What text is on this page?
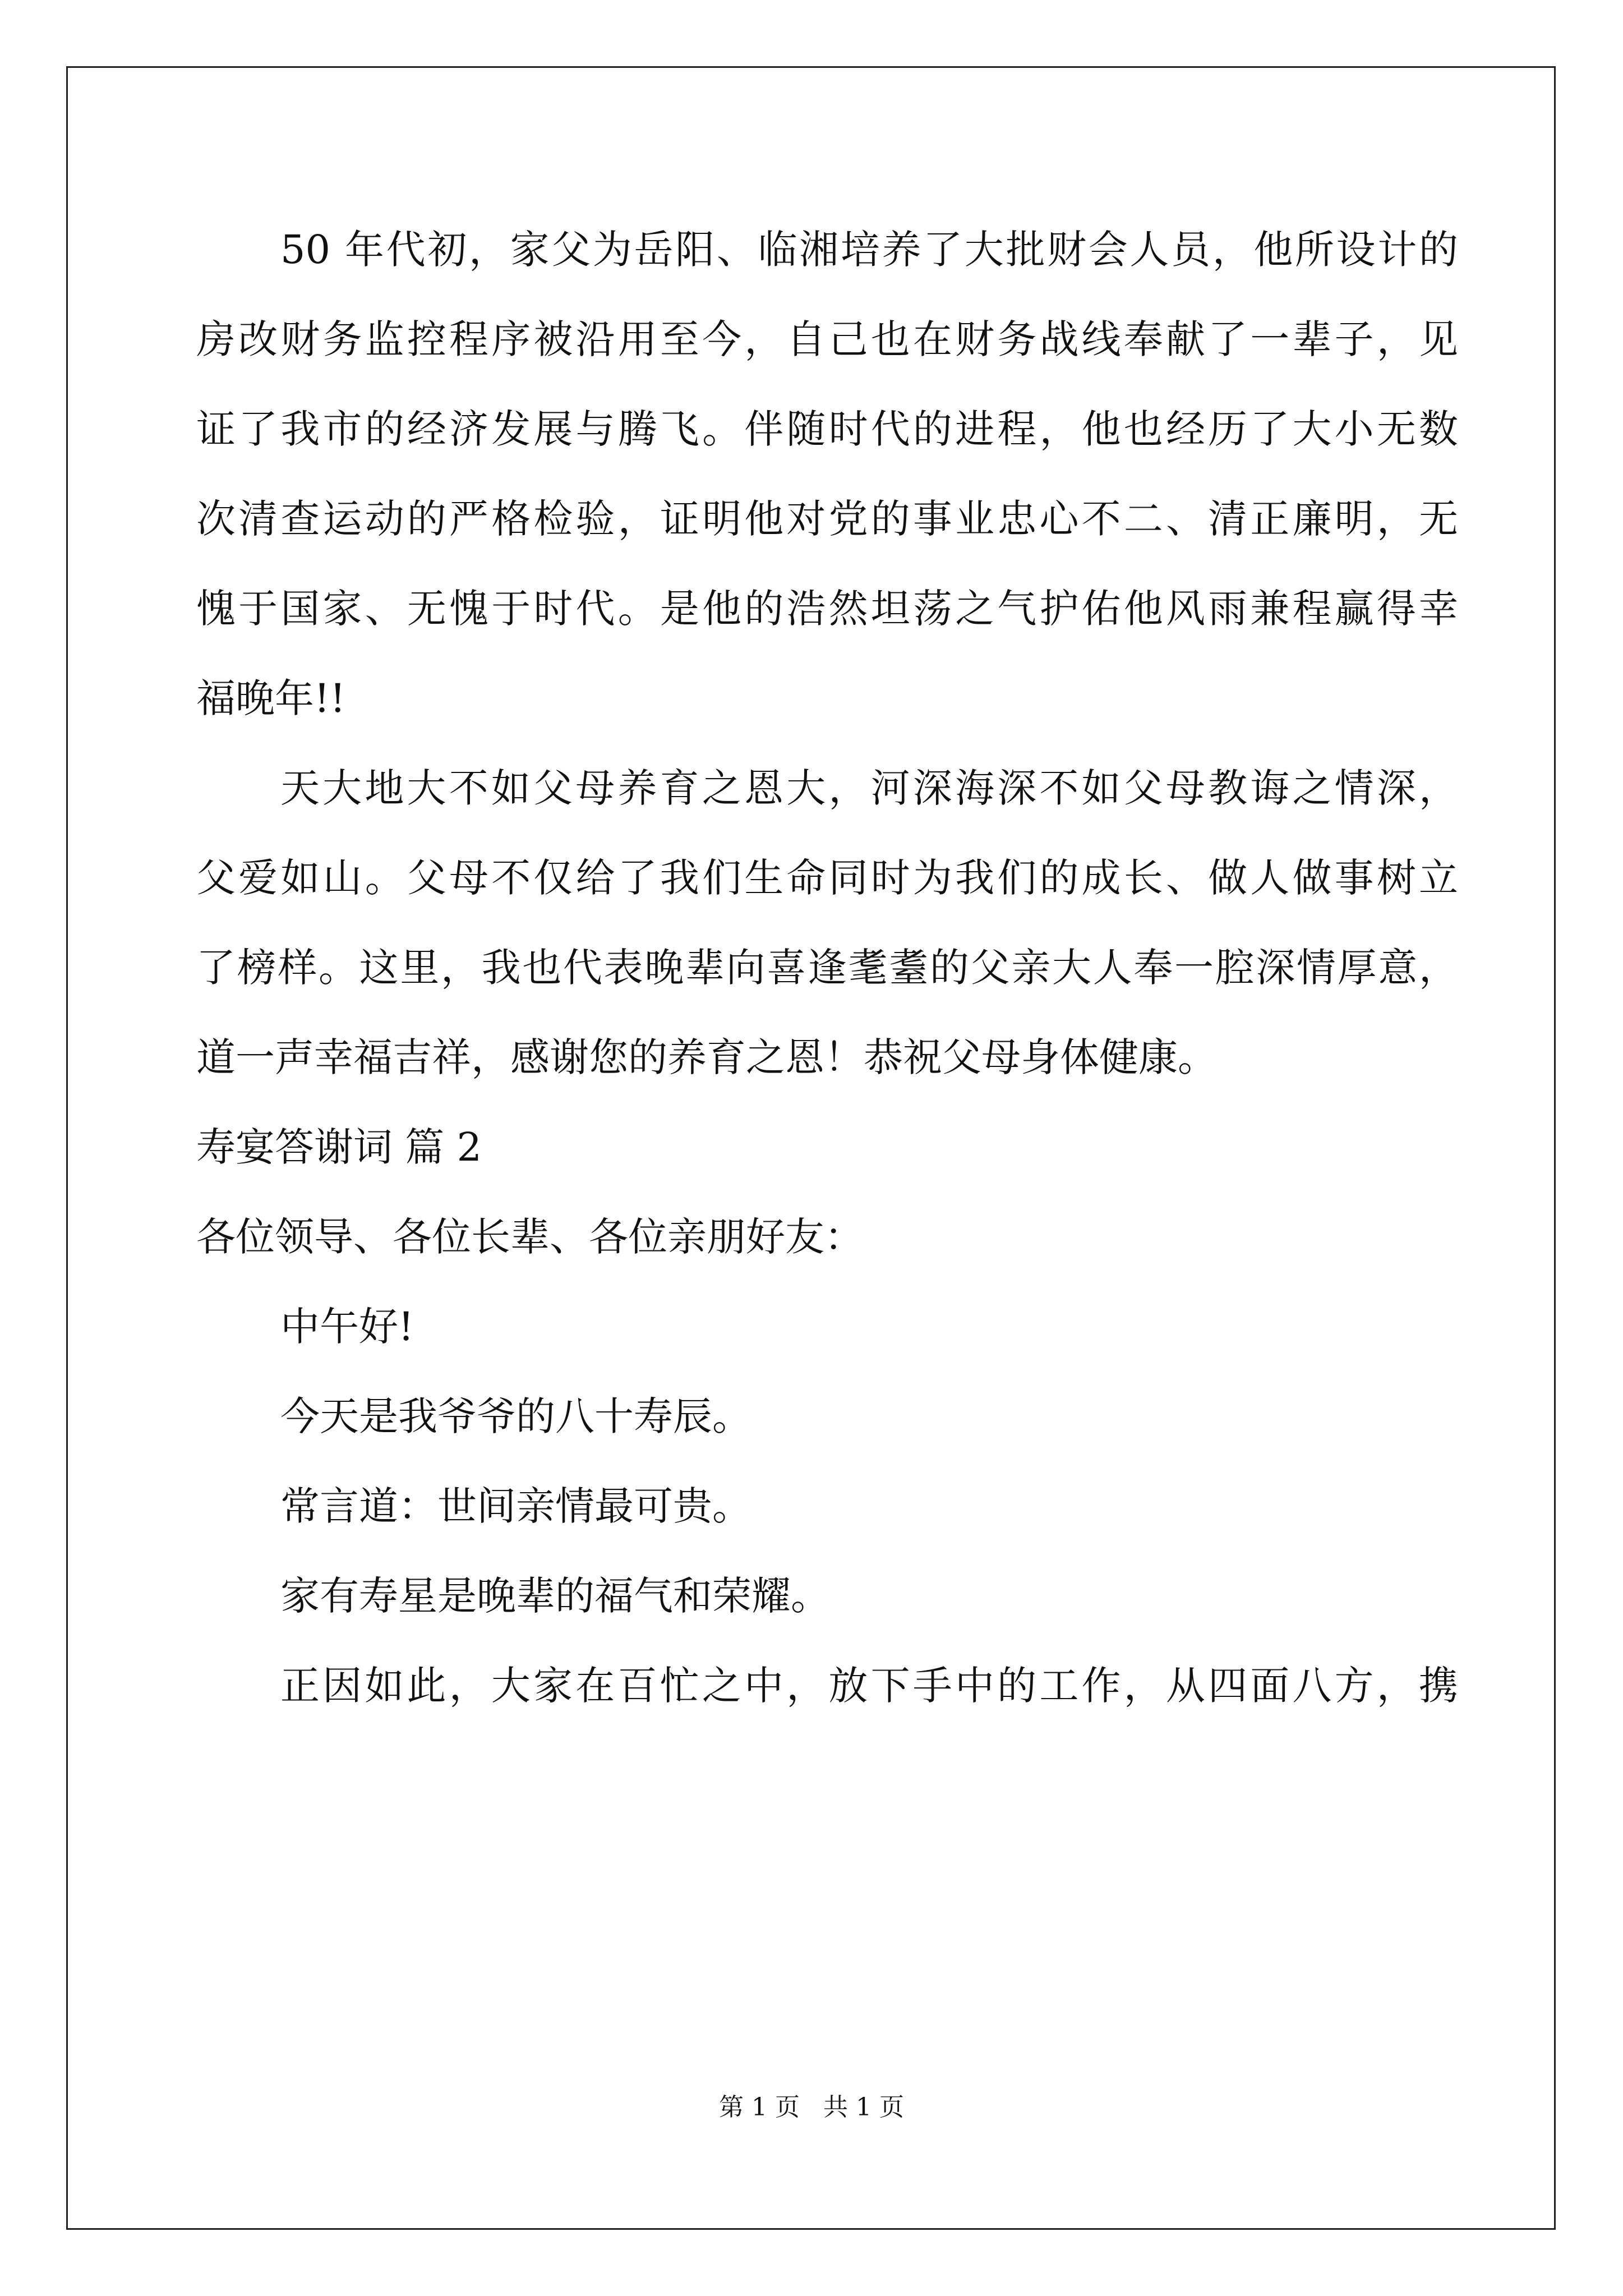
50 年代初，家父为岳阳、临湘培养了大批财会人员，他所设计的
房改财务监控程序被沿用至今，自己也在财务战线奉献了一辈子，见
证了我市的经济发展与腾飞。伴随时代的进程，他也经历了大小无数
次清查运动的严格检验，证明他对党的事业忠心不二、清正廉明，无
愧于国家、无愧于时代。是他的浩然坦荡之气护佑他风雨兼程赢得幸
福晚年!!
天大地大不如父母养育之恩大，河深海深不如父母教诲之情深，
父爱如山。父母不仅给了我们生命同时为我们的成长、做人做事树立
了榜样。这里，我也代表晚辈向喜逢耄耋的父亲大人奉一腔深情厚意，
道一声幸福吉祥，感谢您的养育之恩！恭祝父母身体健康。
寿宴答谢词 篇 2
各位领导、各位长辈、各位亲朋好友：
中午好!
今天是我爷爷的八十寿辰。
常言道：世间亲情最可贵。
家有寿星是晚辈的福气和荣耀。
正因如此，大家在百忙之中，放下手中的工作，从四面八方，携
第 1 页   共 1 页
